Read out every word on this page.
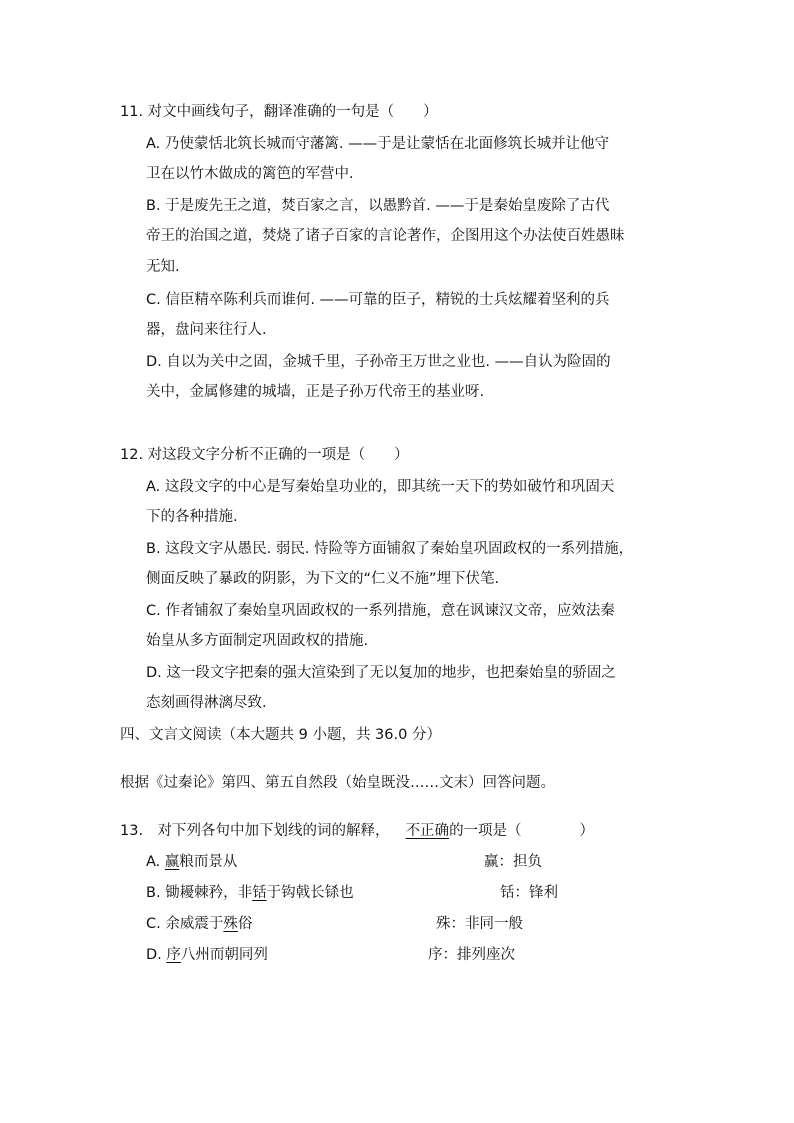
11. 对文中画线句子，翻译准确的一句是（　　）
A. 乃使蒙恬北筑长城而守藩篱. ——于是让蒙恬在北面修筑长城并让他守
卫在以竹木做成的篱笆的军营中.
B. 于是废先王之道，焚百家之言，以愚黔首. ——于是秦始皇废除了古代
帝王的治国之道，焚烧了诸子百家的言论著作，企图用这个办法使百姓愚昧
无知.
C. 信臣精卒陈利兵而谁何. ——可靠的臣子，精锐的士兵炫耀着坚利的兵
器，盘问来往行人.
D. 自以为关中之固，金城千里，子孙帝王万世之业也. ——自认为险固的
关中，金属修建的城墙，正是子孙万代帝王的基业呀.
12. 对这段文字分析不正确的一项是（　　）
A. 这段文字的中心是写秦始皇功业的，即其统一天下的势如破竹和巩固天
下的各种措施.
B. 这段文字从愚民. 弱民. 恃险等方面铺叙了秦始皇巩固政权的一系列措施，
侧面反映了暴政的阴影，为下文的“仁义不施”埋下伏笔.
C. 作者铺叙了秦始皇巩固政权的一系列措施，意在讽谏汉文帝，应效法秦
始皇从多方面制定巩固政权的措施.
D. 这一段文字把秦的强大渲染到了无以复加的地步，也把秦始皇的骄固之
态刻画得淋漓尽致.
四、文言文阅读（本大题共 9 小题，共 36.0 分）
根据《过秦论》第四、第五自然段（始皇既没……文末）回答问题。
13.　对下列各句中加下划线的词的解释， 不正确的一项是（　　　　）
A. 赢粮而景从	赢：担负
B. 锄耰棘矜，非铦于钩戟长铩也	铦：锋利
C. 余威震于殊俗	殊：非同一般
D. 序八州而朝同列	序：排列座次
